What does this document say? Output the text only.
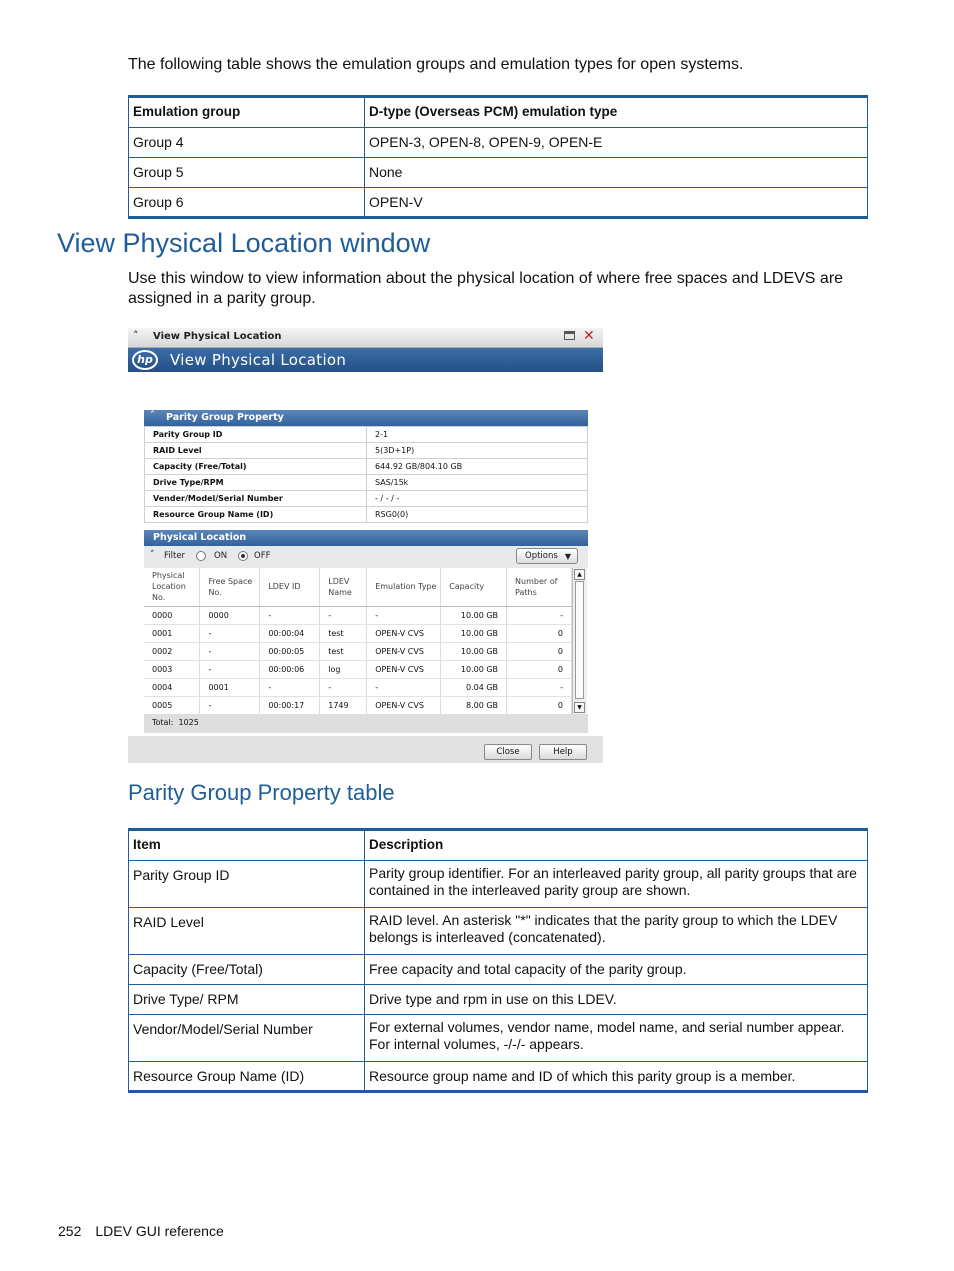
The following table shows the emulation groups and emulation types for open systems.
Emulation group	D-type (Overseas PCM) emulation type
Group 4	OPEN-3, OPEN-8, OPEN-9, OPEN-E
Group 5	None
Group 6	OPEN-V
View Physical Location window
Use this window to view information about the physical location of where free spaces and LDEVS are assigned in a parity group.
˄ View Physical Location	✕
hp	View Physical Location
˄ Parity Group Property
Parity Group ID	2-1
RAID Level	5(3D+1P)
Capacity (Free/Total)	644.92 GB/804.10 GB
Drive Type/RPM	SAS/15k
Vender/Model/Serial Number	- / - / -
Resource Group Name (ID)	RSG0(0)
Physical Location
˄ Filter	ON	OFF	Options ▼
Physical Location No.	Free Space No.	LDEV ID	LDEV Name	Emulation Type	Capacity	Number of Paths
0000	0000	-	-	-	10.00 GB	-
0001	-	00:00:04	test	OPEN-V CVS	10.00 GB	0
0002	-	00:00:05	test	OPEN-V CVS	10.00 GB	0
0003	-	00:00:06	log	OPEN-V CVS	10.00 GB	0
0004	0001	-	-	-	0.04 GB	-
0005	-	00:00:17	1749	OPEN-V CVS	8.00 GB	0
▲
▼
Total: 1025
Close	Help
Parity Group Property table
Item	Description
Parity Group ID	Parity group identifier. For an interleaved parity group, all parity groups that are contained in the interleaved parity group are shown.
RAID Level	RAID level. An asterisk "*" indicates that the parity group to which the LDEV belongs is interleaved (concatenated).
Capacity (Free/Total)	Free capacity and total capacity of the parity group.
Drive Type/ RPM	Drive type and rpm in use on this LDEV.
Vendor/Model/Serial Number	For external volumes, vendor name, model name, and serial number appear. For internal volumes, -/-/- appears.
Resource Group Name (ID)	Resource group name and ID of which this parity group is a member.
252 LDEV GUI reference
